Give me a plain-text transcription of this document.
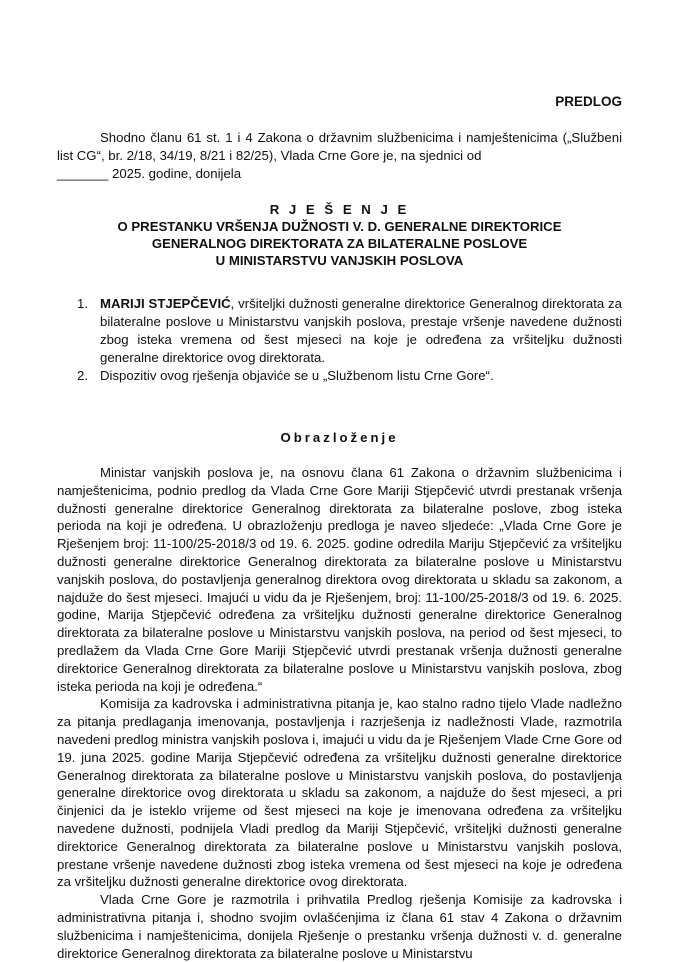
PREDLOG

Shodno članu 61 st. 1 i 4 Zakona o državnim službenicima i namještenicima („Službeni list CG“, br. 2/18, 34/19, 8/21 i 82/25), Vlada Crne Gore je, na sjednici od

_______ 2025. godine, donijela

R J E Š E N J E
O PRESTANKU VRŠENJA DUŽNOSTI V. D. GENERALNE DIREKTORICE
GENERALNOG DIREKTORATA ZA BILATERALNE POSLOVE
U MINISTARSTVU VANJSKIH POSLOVA
1. MARIJI STJEPČEVIĆ, vršiteljki dužnosti generalne direktorice Generalnog direktorata za bilateralne poslove u Ministarstvu vanjskih poslova, prestaje vršenje navedene dužnosti zbog isteka vremena od šest mjeseci na koje je određena za vršiteljku dužnosti generalne direktorice ovog direktorata.
2. Dispozitiv ovog rješenja objaviće se u „Službenom listu Crne Gore“.
Obrazloženje

Ministar vanjskih poslova je, na osnovu člana 61 Zakona o državnim službenicima i namještenicima, podnio predlog da Vlada Crne Gore Mariji Stjepčević utvrdi prestanak vršenja dužnosti generalne direktorice Generalnog direktorata za bilateralne poslove, zbog isteka perioda na koji je određena. U obrazloženju predloga je naveo sljedeće: „Vlada Crne Gore je Rješenjem broj: 11-100/25-2018/3 od 19. 6. 2025. godine odredila Mariju Stjepčević za vršiteljku dužnosti generalne direktorice Generalnog direktorata za bilateralne poslove u Ministarstvu vanjskih poslova, do postavljenja generalnog direktora ovog direktorata u skladu sa zakonom, a najduže do šest mjeseci. Imajući u vidu da je Rješenjem, broj: 11-100/25-2018/3 od 19. 6. 2025. godine, Marija Stjepčević određena za vršiteljku dužnosti generalne direktorice Generalnog direktorata za bilateralne poslove u Ministarstvu vanjskih poslova, na period od šest mjeseci, to predlažem da Vlada Crne Gore Mariji Stjepčević utvrdi prestanak vršenja dužnosti generalne direktorice Generalnog direktorata za bilateralne poslove u Ministarstvu vanjskih poslova, zbog isteka perioda na koji je određena.“

Komisija za kadrovska i administrativna pitanja je, kao stalno radno tijelo Vlade nadležno za pitanja predlaganja imenovanja, postavljenja i razrješenja iz nadležnosti Vlade, razmotrila navedeni predlog ministra vanjskih poslova i, imajući u vidu da je Rješenjem Vlade Crne Gore od 19. juna 2025. godine Marija Stjepčević određena za vršiteljku dužnosti generalne direktorice Generalnog direktorata za bilateralne poslove u Ministarstvu vanjskih poslova, do postavljenja generalne direktorice ovog direktorata u skladu sa zakonom, a najduže do šest mjeseci, a pri činjenici da je isteklo vrijeme od šest mjeseci na koje je imenovana određena za vršiteljku navedene dužnosti, podnijela Vladi predlog da Mariji Stjepčević, vršiteljki dužnosti generalne direktorice Generalnog direktorata za bilateralne poslove u Ministarstvu vanjskih poslova, prestane vršenje navedene dužnosti zbog isteka vremena od šest mjeseci na koje je određena za vršiteljku dužnosti generalne direktorice ovog direktorata.

Vlada Crne Gore je razmotrila i prihvatila Predlog rješenja Komisije za kadrovska i administrativna pitanja i, shodno svojim ovlašćenjima iz člana 61 stav 4 Zakona o državnim službenicima i namještenicima, donijela Rješenje o prestanku vršenja dužnosti v. d. generalne direktorice Generalnog direktorata za bilateralne poslove u Ministarstvu
